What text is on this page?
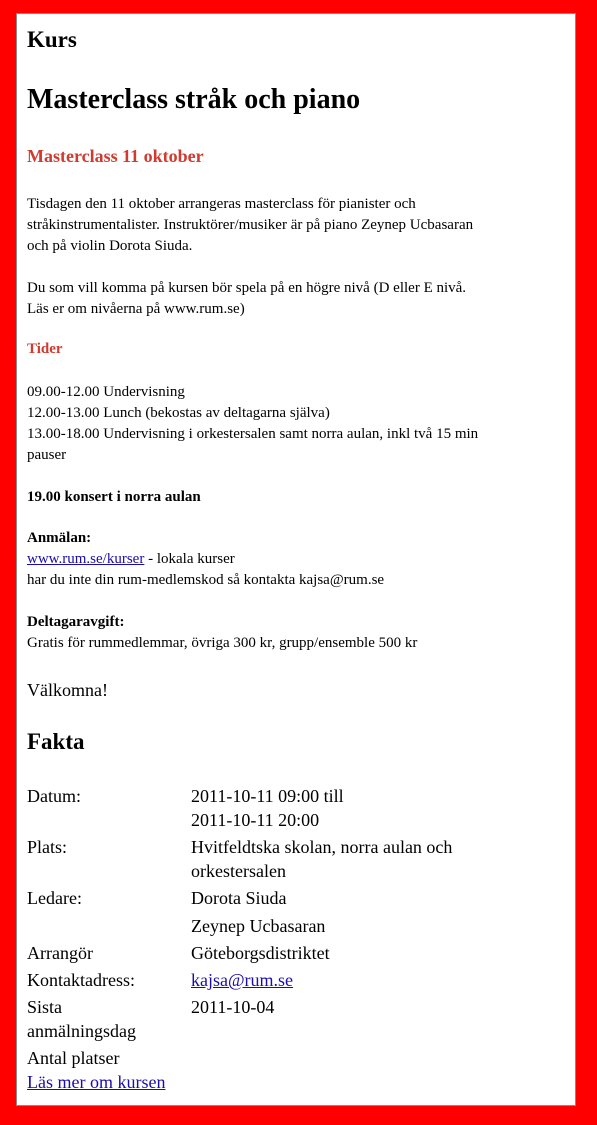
Kurs

Masterclass stråk och piano
Masterclass 11 oktober

Tisdagen den 11 oktober arrangeras masterclass för pianister och
stråkinstrumentalister. Instruktörer/musiker är på piano Zeynep Ucbasaran
och på violin Dorota Siuda.

Du som vill komma på kursen bör spela på en högre nivå (D eller E nivå.
Läs er om nivåerna på www.rum.se)

Tider

09.00-12.00 Undervisning
12.00-13.00 Lunch (bekostas av deltagarna själva)
13.00-18.00 Undervisning i orkestersalen samt norra aulan, inkl två 15 min
pauser

19.00 konsert i norra aulan

Anmälan:
www.rum.se/kurser - lokala kurser
har du inte din rum-medlemskod så kontakta kajsa@rum.se

Deltagaravgift:
Gratis för rummedlemmar, övriga 300 kr, grupp/ensemble 500 kr

Välkomna!

Fakta
Datum:	2011-10-11 09:00 till
2011-10-11 20:00
Plats:	Hvitfeldtska skolan, norra aulan och
orkestersalen
Ledare:	Dorota Siuda
Zeynep Ucbasaran
Arrangör	Göteborgsdistriktet
Kontaktadress:	kajsa@rum.se
Sista
anmälningsdag	2011-10-04
Antal platser	
Läs mer om kursen
